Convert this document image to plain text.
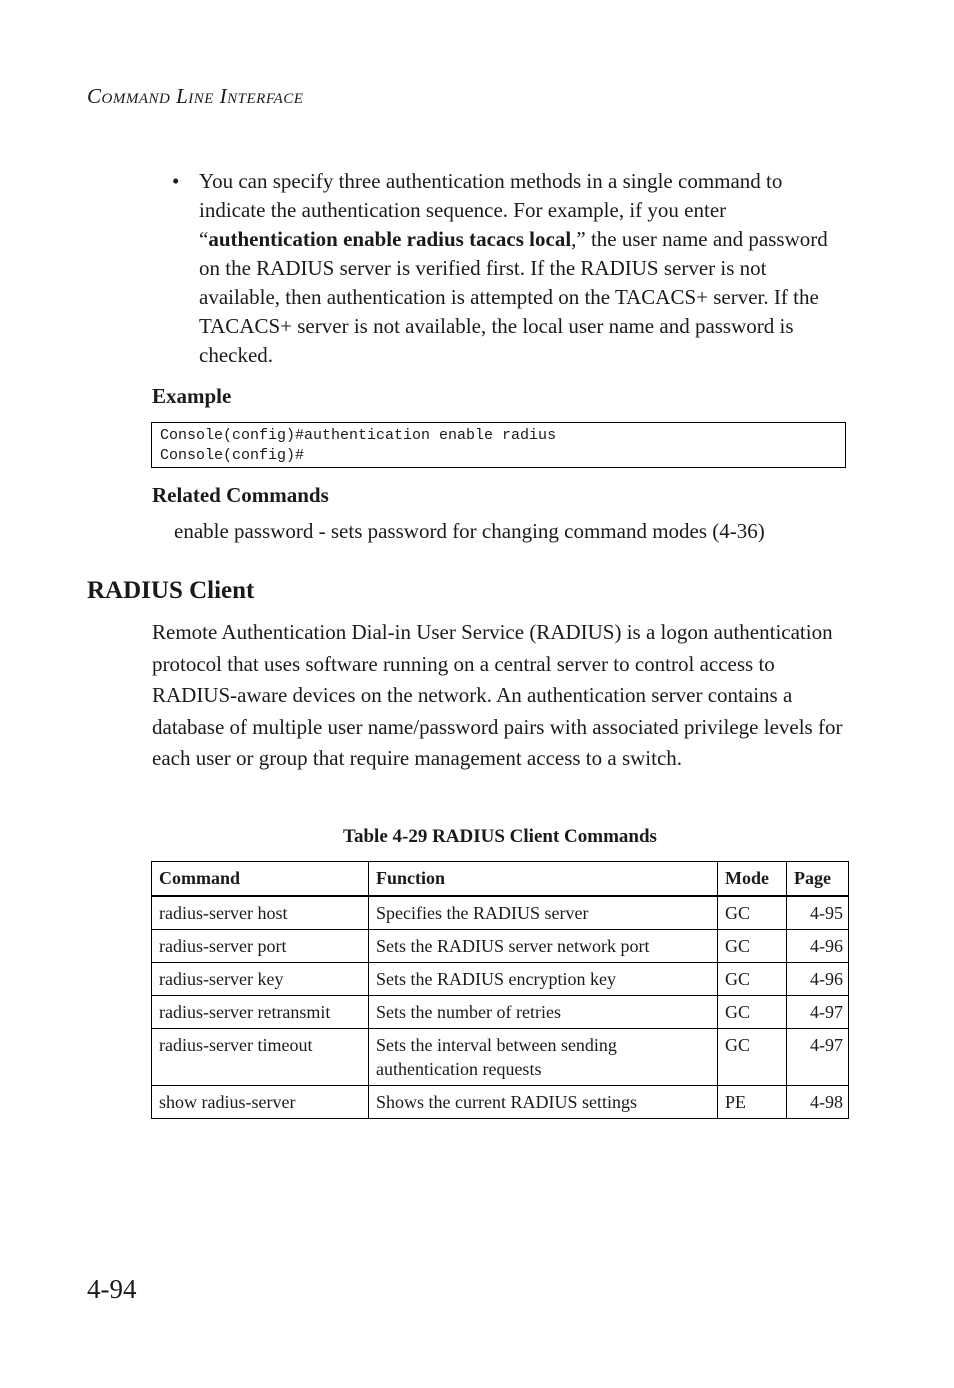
Command Line Interface
• You can specify three authentication methods in a single command to indicate the authentication sequence. For example, if you enter “authentication enable radius tacacs local,” the user name and password on the RADIUS server is verified first. If the RADIUS server is not available, then authentication is attempted on the TACACS+ server. If the TACACS+ server is not available, the local user name and password is checked.
Example
Console(config)#authentication enable radius
Console(config)#
Related Commands
enable password - sets password for changing command modes (4-36)
RADIUS Client
Remote Authentication Dial-in User Service (RADIUS) is a logon authentication protocol that uses software running on a central server to control access to RADIUS-aware devices on the network. An authentication server contains a database of multiple user name/password pairs with associated privilege levels for each user or group that require management access to a switch.
Table 4-29 RADIUS Client Commands
Command	Function	Mode	Page
radius-server host	Specifies the RADIUS server	GC	4-95
radius-server port	Sets the RADIUS server network port	GC	4-96
radius-server key	Sets the RADIUS encryption key	GC	4-96
radius-server retransmit	Sets the number of retries	GC	4-97
radius-server timeout	Sets the interval between sending authentication requests	GC	4-97
show radius-server	Shows the current RADIUS settings	PE	4-98
4-94
